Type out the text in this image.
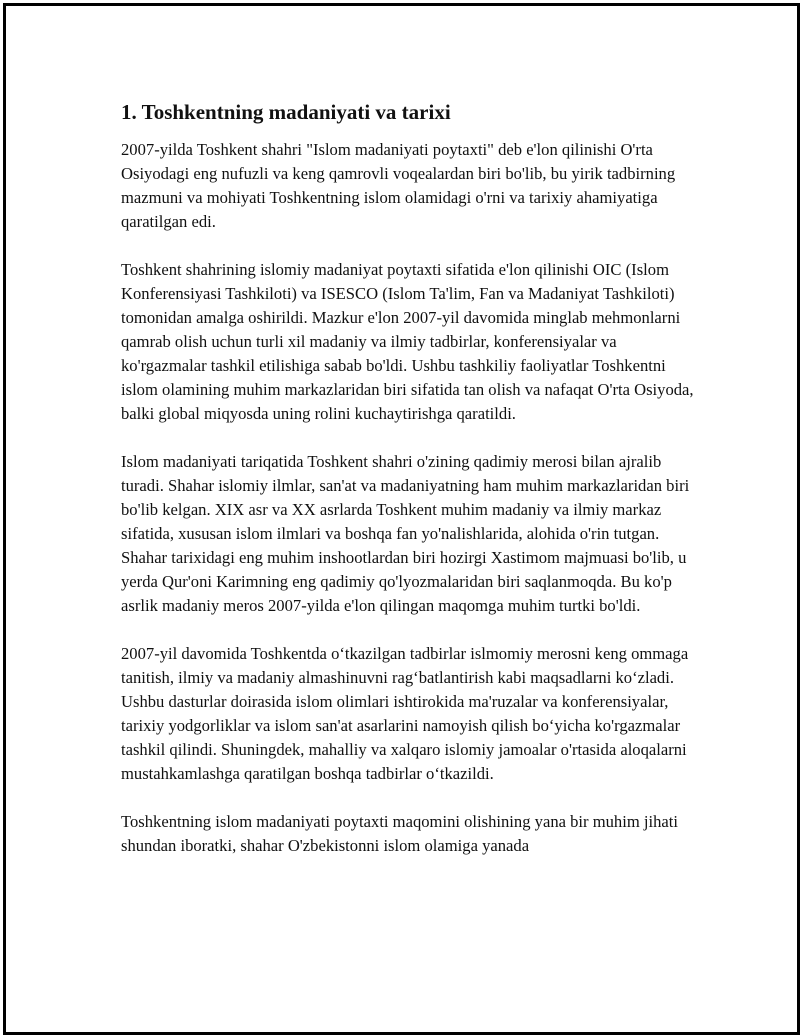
1. Toshkentning madaniyati va tarixi

2007-yilda Toshkent shahri "Islom madaniyati poytaxti" deb e'lon qilinishi O'rta Osiyodagi eng nufuzli va keng qamrovli voqealardan biri bo'lib, bu yirik tadbirning mazmuni va mohiyati Toshkentning islom olamidagi o'rni va tarixiy ahamiyatiga qaratilgan edi.

Toshkent shahrining islomiy madaniyat poytaxti sifatida e'lon qilinishi OIC (Islom Konferensiyasi Tashkiloti) va ISESCO (Islom Ta'lim, Fan va Madaniyat Tashkiloti) tomonidan amalga oshirildi. Mazkur e'lon 2007-yil davomida minglab mehmonlarni qamrab olish uchun turli xil madaniy va ilmiy tadbirlar, konferensiyalar va ko'rgazmalar tashkil etilishiga sabab bo'ldi. Ushbu tashkiliy faoliyatlar Toshkentni islom olamining muhim markazlaridan biri sifatida tan olish va nafaqat O'rta Osiyoda, balki global miqyosda uning rolini kuchaytirishga qaratildi.

Islom madaniyati tariqatida Toshkent shahri o'zining qadimiy merosi bilan ajralib turadi. Shahar islomiy ilmlar, san'at va madaniyatning ham muhim markazlaridan biri bo'lib kelgan. XIX asr va XX asrlarda Toshkent muhim madaniy va ilmiy markaz sifatida, xususan islom ilmlari va boshqa fan yo'nalishlarida, alohida o'rin tutgan. Shahar tarixidagi eng muhim inshootlardan biri hozirgi Xastimom majmuasi bo'lib, u yerda Qur'oni Karimning eng qadimiy qo'lyozmalaridan biri saqlanmoqda. Bu ko'p asrlik madaniy meros 2007-yilda e'lon qilingan maqomga muhim turtki bo'ldi.

2007-yil davomida Toshkentda o‘tkazilgan tadbirlar islmomiy merosni keng ommaga tanitish, ilmiy va madaniy almashinuvni rag‘batlantirish kabi maqsadlarni ko‘zladi. Ushbu dasturlar doirasida islom olimlari ishtirokida ma'ruzalar va konferensiyalar, tarixiy yodgorliklar va islom san'at asarlarini namoyish qilish bo‘yicha ko'rgazmalar tashkil qilindi. Shuningdek, mahalliy va xalqaro islomiy jamoalar o'rtasida aloqalarni mustahkamlashga qaratilgan boshqa tadbirlar o‘tkazildi.

Toshkentning islom madaniyati poytaxti maqomini olishining yana bir muhim jihati shundan iboratki, shahar O'zbekistonni islom olamiga yanada
